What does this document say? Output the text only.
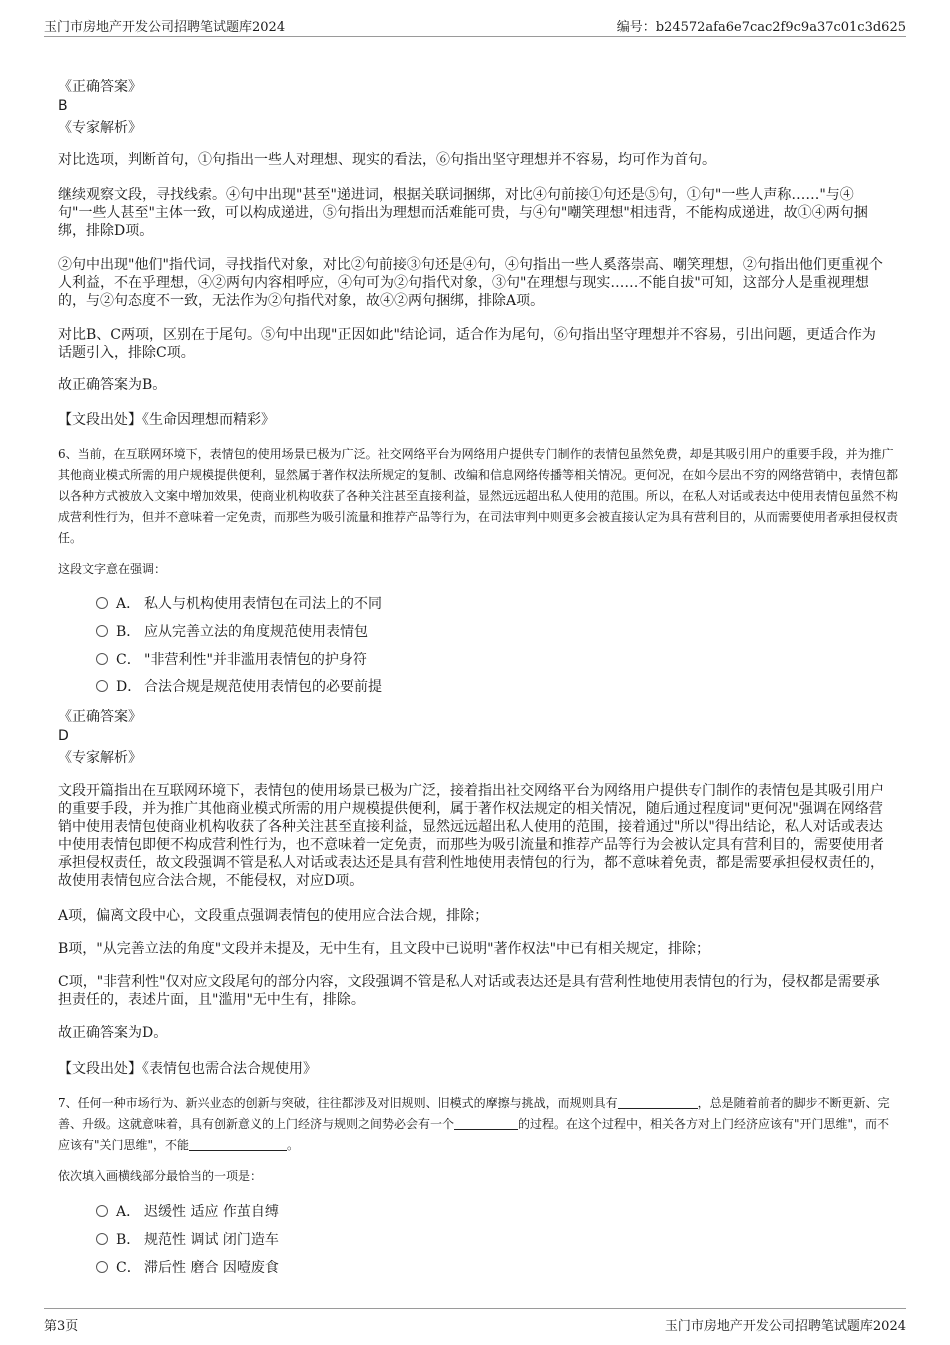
玉门市房地产开发公司招聘笔试题库2024	编号：b24572afa6e7cac2f9c9a37c01c3d625
《正确答案》
B
《专家解析》
对比选项，判断首句，①句指出一些人对理想、现实的看法，⑥句指出坚守理想并不容易，均可作为首句。
继续观察文段，寻找线索。④句中出现"甚至"递进词，根据关联词捆绑，对比④句前接①句还是⑤句，①句"一些人声称……"与④句"一些人甚至"主体一致，可以构成递进，⑤句指出为理想而活难能可贵，与④句"嘲笑理想"相违背，不能构成递进，故①④两句捆绑，排除D项。
②句中出现"他们"指代词，寻找指代对象，对比②句前接③句还是④句，④句指出一些人奚落崇高、嘲笑理想，②句指出他们更重视个人利益，不在乎理想，④②两句内容相呼应，④句可为②句指代对象，③句"在理想与现实……不能自拔"可知，这部分人是重视理想的，与②句态度不一致，无法作为②句指代对象，故④②两句捆绑，排除A项。
对比B、C两项，区别在于尾句。⑤句中出现"正因如此"结论词，适合作为尾句，⑥句指出坚守理想并不容易，引出问题，更适合作为话题引入，排除C项。
故正确答案为B。
【文段出处】《生命因理想而精彩》
6、当前，在互联网环境下，表情包的使用场景已极为广泛。社交网络平台为网络用户提供专门制作的表情包虽然免费，却是其吸引用户的重要手段，并为推广其他商业模式所需的用户规模提供便利，显然属于著作权法所规定的复制、改编和信息网络传播等相关情况。更何况，在如今层出不穷的网络营销中，表情包都以各种方式被放入文案中增加效果，使商业机构收获了各种关注甚至直接利益，显然远远超出私人使用的范围。所以，在私人对话或表达中使用表情包虽然不构成营利性行为，但并不意味着一定免责，而那些为吸引流量和推荐产品等行为，在司法审判中则更多会被直接认定为具有营利目的，从而需要使用者承担侵权责任。
这段文字意在强调：
A． 私人与机构使用表情包在司法上的不同
B． 应从完善立法的角度规范使用表情包
C． "非营利性"并非滥用表情包的护身符
D． 合法合规是规范使用表情包的必要前提
《正确答案》
D
《专家解析》
文段开篇指出在互联网环境下，表情包的使用场景已极为广泛，接着指出社交网络平台为网络用户提供专门制作的表情包是其吸引用户的重要手段，并为推广其他商业模式所需的用户规模提供便利，属于著作权法规定的相关情况，随后通过程度词"更何况"强调在网络营销中使用表情包使商业机构收获了各种关注甚至直接利益，显然远远超出私人使用的范围，接着通过"所以"得出结论，私人对话或表达中使用表情包即便不构成营利性行为，也不意味着一定免责，而那些为吸引流量和推荐产品等行为会被认定具有营利目的，需要使用者承担侵权责任，故文段强调不管是私人对话或表达还是具有营利性地使用表情包的行为，都不意味着免责，都是需要承担侵权责任的，故使用表情包应合法合规，不能侵权，对应D项。
A项，偏离文段中心，文段重点强调表情包的使用应合法合规，排除；
B项，"从完善立法的角度"文段并未提及，无中生有，且文段中已说明"著作权法"中已有相关规定，排除；
C项，"非营利性"仅对应文段尾句的部分内容，文段强调不管是私人对话或表达还是具有营利性地使用表情包的行为，侵权都是需要承担责任的，表述片面，且"滥用"无中生有，排除。
故正确答案为D。
【文段出处】《表情包也需合法合规使用》
7、任何一种市场行为、新兴业态的创新与突破，往往都涉及对旧规则、旧模式的摩擦与挑战，而规则具有	，总是随着前者的脚步不断更新、完善、升级。这就意味着，具有创新意义的上门经济与规则之间势必会有一个	的过程。在这个过程中，相关各方对上门经济应该有"开门思维"，而不应该有"关门思维"，不能	。
依次填入画横线部分最恰当的一项是：
A． 迟缓性 适应 作茧自缚
B． 规范性 调试 闭门造车
C． 滞后性 磨合 因噎废食
第3页	玉门市房地产开发公司招聘笔试题库2024
